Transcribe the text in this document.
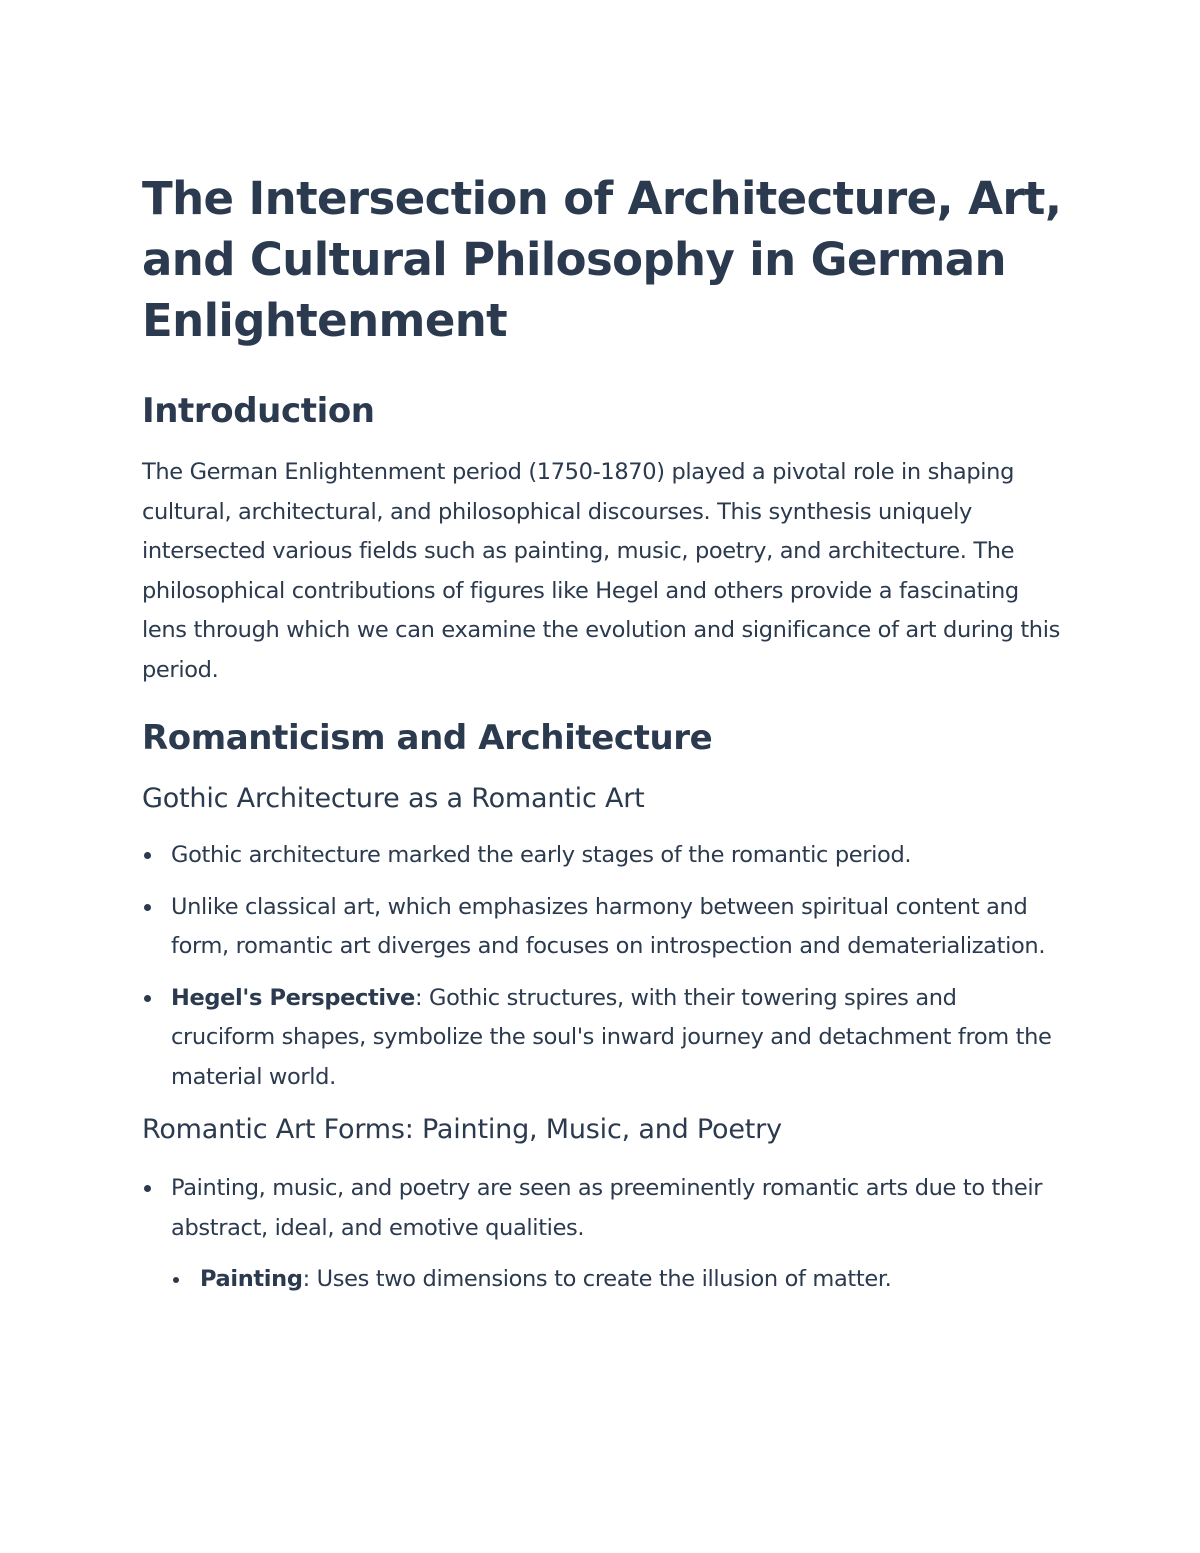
The Intersection of Architecture, Art, and Cultural Philosophy in German Enlightenment
Introduction

The German Enlightenment period (1750-1870) played a pivotal role in shaping cultural, architectural, and philosophical discourses. This synthesis uniquely intersected various fields such as painting, music, poetry, and architecture. The philosophical contributions of figures like Hegel and others provide a fascinating lens through which we can examine the evolution and significance of art during this period.

Romanticism and Architecture
Gothic Architecture as a Romantic Art
Gothic architecture marked the early stages of the romantic period.
Unlike classical art, which emphasizes harmony between spiritual content and form, romantic art diverges and focuses on introspection and dematerialization.
Hegel's Perspective: Gothic structures, with their towering spires and cruciform shapes, symbolize the soul's inward journey and detachment from the material world.
Romantic Art Forms: Painting, Music, and Poetry
Painting, music, and poetry are seen as preeminently romantic arts due to their abstract, ideal, and emotive qualities.
Painting: Uses two dimensions to create the illusion of matter.
